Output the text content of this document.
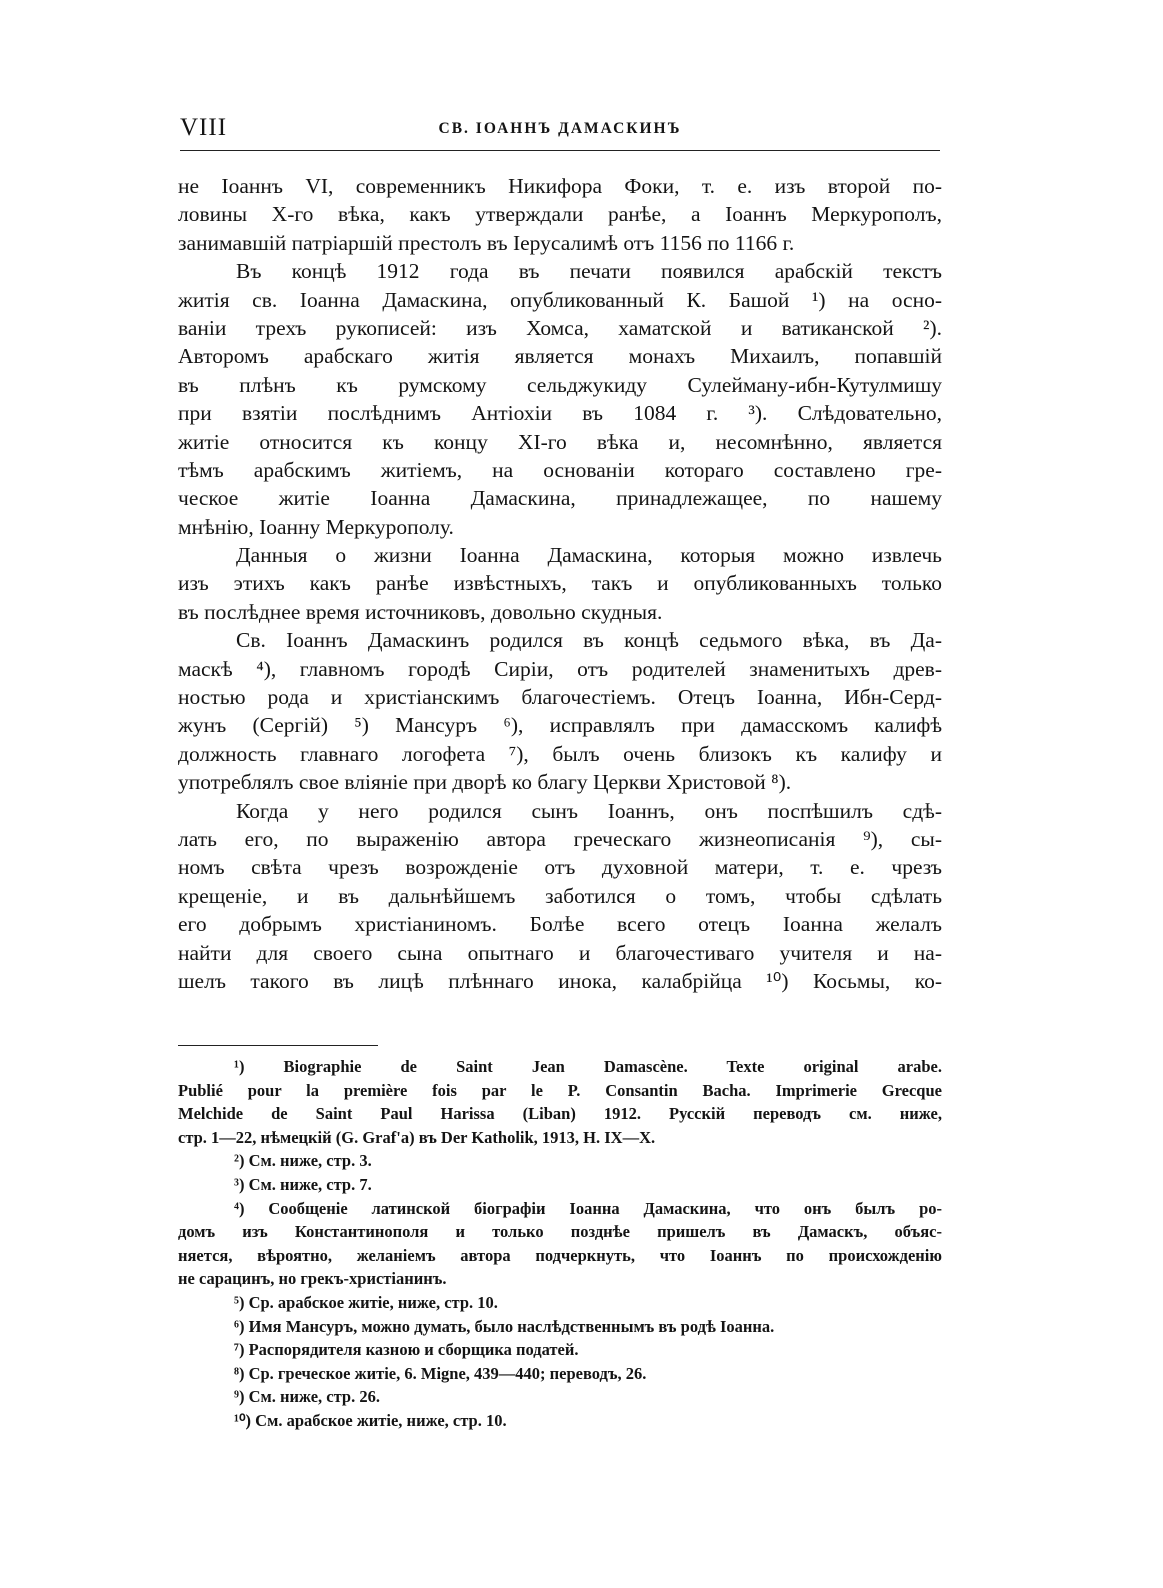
VIII	СВ. ІОАННЪ ДАМАСКИНЪ
не Іоаннъ VI, современникъ Никифора Фоки, т. е. изъ второй по-
ловины X-го вѣка, какъ утверждали ранѣе, а Іоаннъ Меркурополъ,
занимавшій патріаршій престолъ въ Іерусалимѣ отъ 1156 по 1166 г.
Въ концѣ 1912 года въ печати появился арабскій текстъ
житія св. Іоанна Дамаскина, опубликованный К. Башой ¹) на осно-
ваніи трехъ рукописей: изъ Хомса, хаматской и ватиканской ²).
Авторомъ арабскаго житія является монахъ Михаилъ, попавшій
въ плѣнъ къ румскому сельджукиду Сулейману-ибн-Кутулмишу
при взятіи послѣднимъ Антіохіи въ 1084 г. ³). Слѣдовательно,
житіе относится къ концу XI-го вѣка и, несомнѣнно, является
тѣмъ арабскимъ житіемъ, на основаніи котораго составлено гре-
ческое житіе Іоанна Дамаскина, принадлежащее, по нашему
мнѣнію, Іоанну Меркурополу.
Данныя о жизни Іоанна Дамаскина, которыя можно извлечь
изъ этихъ какъ ранѣе извѣстныхъ, такъ и опубликованныхъ только
въ послѣднее время источниковъ, довольно скудныя.
Св. Іоаннъ Дамаскинъ родился въ концѣ седьмого вѣка, въ Да-
маскѣ ⁴), главномъ городѣ Сиріи, отъ родителей знаменитыхъ древ-
ностью рода и христіанскимъ благочестіемъ. Отецъ Іоанна, Ибн-Серд-
жунъ (Сергій) ⁵) Мансуръ ⁶), исправлялъ при дамасскомъ калифѣ
должность главнаго логофета ⁷), былъ очень близокъ къ калифу и
употреблялъ свое вліяніе при дворѣ ко благу Церкви Христовой ⁸).
Когда у него родился сынъ Іоаннъ, онъ поспѣшилъ сдѣ-
лать его, по выраженію автора греческаго жизнеописанія ⁹), сы-
номъ свѣта чрезъ возрожденіе отъ духовной матери, т. е. чрезъ
крещеніе, и въ дальнѣйшемъ заботился о томъ, чтобы сдѣлать
его добрымъ христіаниномъ. Болѣе всего отецъ Іоанна желалъ
найти для своего сына опытнаго и благочестиваго учителя и на-
шелъ такого въ лицѣ плѣннаго инока, калабрійца ¹⁰) Косьмы, ко-
¹) Biographie de Saint Jean Damascène. Texte original arabe.
Publié pour la première fois par le P. Consantin Bacha. Imprimerie Grecque
Melchide de Saint Paul Harissa (Liban) 1912. Русскій переводъ см. ниже,
стр. 1—22, нѣмецкій (G. Graf'a) въ Der Katholik, 1913, H. IX—X.
²) См. ниже, стр. 3.
³) См. ниже, стр. 7.
⁴) Сообщеніе латинской біографіи Іоанна Дамаскина, что онъ былъ ро-
домъ изъ Константинополя и только позднѣе пришелъ въ Дамаскъ, объяс-
няется, вѣроятно, желаніемъ автора подчеркнуть, что Іоаннъ по происхожденію
не сарацинъ, но грекъ-христіанинъ.
⁵) Ср. арабское житіе, ниже, стр. 10.
⁶) Имя Мансуръ, можно думать, было наслѣдственнымъ въ родѣ Іоанна.
⁷) Распорядителя казною и сборщика податей.
⁸) Ср. греческое житіе, 6. Migne, 439—440; переводъ, 26.
⁹) См. ниже, стр. 26.
¹⁰) См. арабское житіе, ниже, стр. 10.
